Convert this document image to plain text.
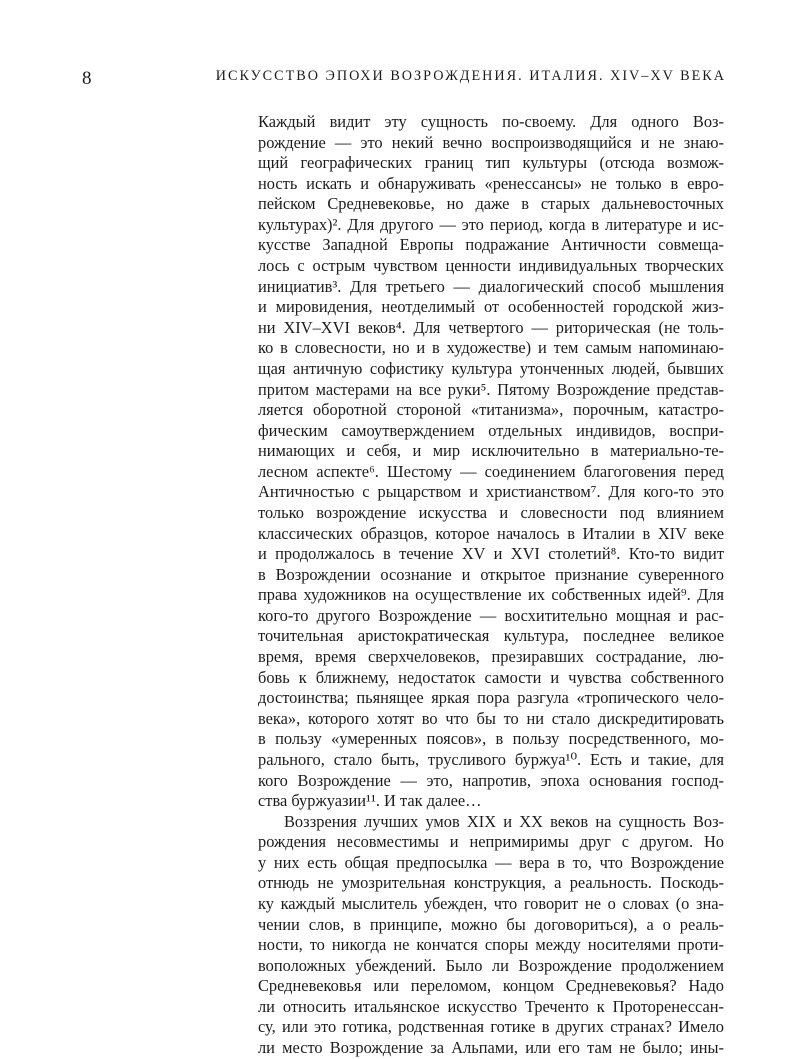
8	ИСКУССТВО ЭПОХИ ВОЗРОЖДЕНИЯ. ИТАЛИЯ. XIV–XV ВЕКА
Каждый видит эту сущность по-своему. Для одного Воз-
рождение — это некий вечно воспроизводящийся и не знаю-
щий географических границ тип культуры (отсюда возмож-
ность искать и обнаруживать «ренессансы» не только в евро-
пейском Средневековье, но даже в старых дальневосточных
культурах)². Для другого — это период, когда в литературе и ис-
кусстве Западной Европы подражание Античности совмеща-
лось с острым чувством ценности индивидуальных творческих
инициатив³. Для третьего — диалогический способ мышления
и мировидения, неотделимый от особенностей городской жиз-
ни XIV–XVI веков⁴. Для четвертого — риторическая (не толь-
ко в словесности, но и в художестве) и тем самым напоминаю-
щая античную софистику культура утонченных людей, бывших
притом мастерами на все руки⁵. Пятому Возрождение представ-
ляется оборотной стороной «титанизма», порочным, катастро-
фическим самоутверждением отдельных индивидов, воспри-
нимающих и себя, и мир исключительно в материально-те-
лесном аспекте⁶. Шестому — соединением благоговения перед
Античностью с рыцарством и христианством⁷. Для кого-то это
только возрождение искусства и словесности под влиянием
классических образцов, которое началось в Италии в XIV веке
и продолжалось в течение XV и XVI столетий⁸. Кто-то видит
в Возрождении осознание и открытое признание суверенного
права художников на осуществление их собственных идей⁹. Для
кого-то другого Возрождение — восхитительно мощная и рас-
точительная аристократическая культура, последнее великое
время, время сверхчеловеков, презиравших сострадание, лю-
бовь к ближнему, недостаток самости и чувства собственного
достоинства; пьянящее яркая пора разгула «тропического чело-
века», которого хотят во что бы то ни стало дискредитировать
в пользу «умеренных поясов», в пользу посредственного, мо-
рального, стало быть, трусливого буржуа¹⁰. Есть и такие, для
кого Возрождение — это, напротив, эпоха основания господ-
ства буржуазии¹¹. И так далее…
Воззрения лучших умов XIX и XX веков на сущность Воз-
рождения несовместимы и непримиримы друг с другом. Но
у них есть общая предпосылка — вера в то, что Возрождение
отнюдь не умозрительная конструкция, а реальность. Поскодь-
ку каждый мыслитель убежден, что говорит не о словах (о зна-
чении слов, в принципе, можно бы договориться), а о реаль-
ности, то никогда не кончатся споры между носителями проти-
воположных убеждений. Было ли Возрождение продолжением
Средневековья или переломом, концом Средневековья? Надо
ли относить итальянское искусство Треченто к Проторенессан-
су, или это готика, родственная готике в других странах? Имело
ли место Возрождение за Альпами, или его там не было; ины-
